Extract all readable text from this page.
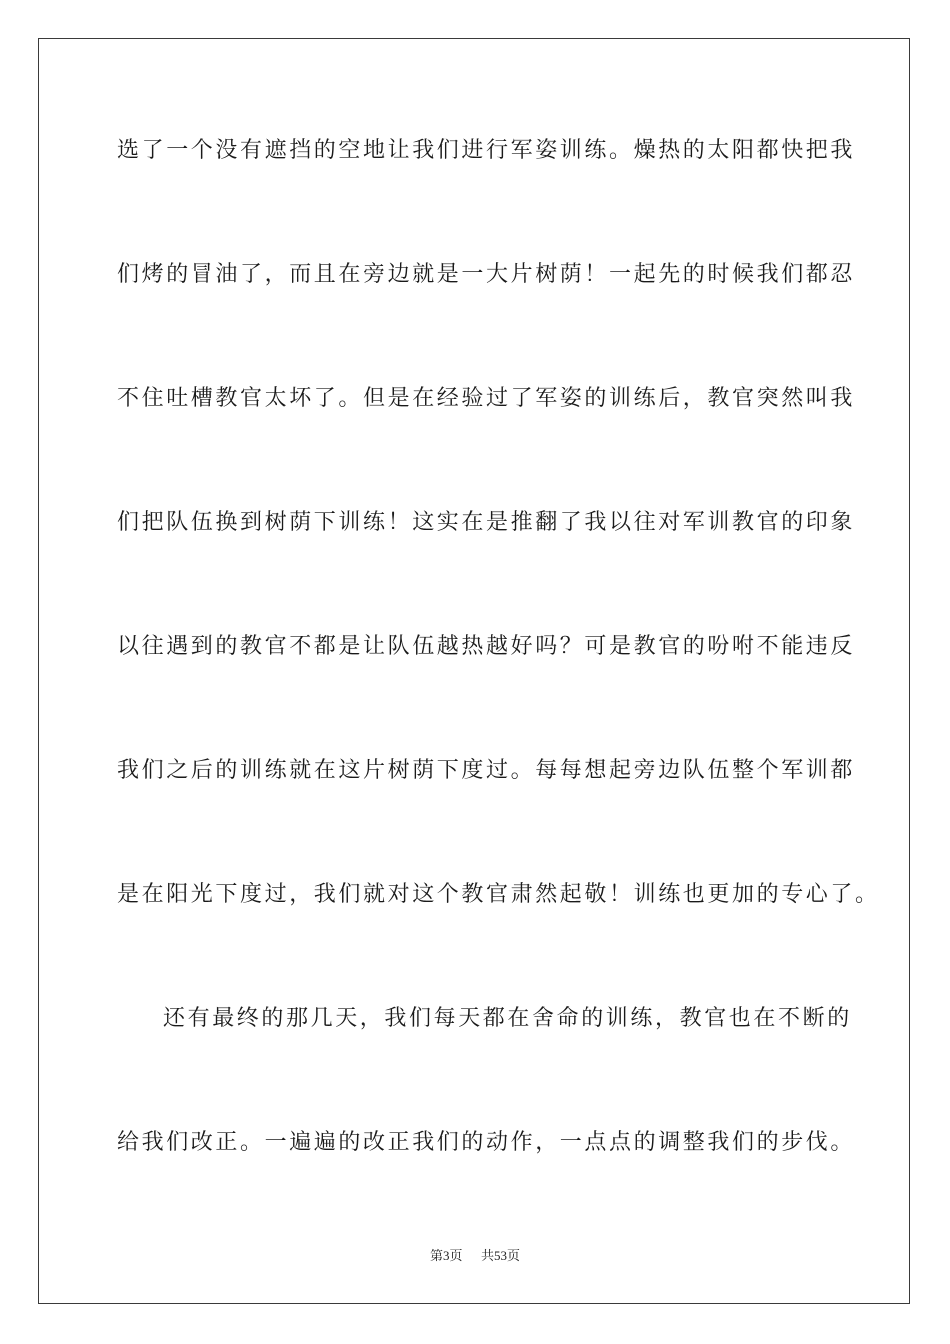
选了一个没有遮挡的空地让我们进行军姿训练。燥热的太阳都快把我
们烤的冒油了，而且在旁边就是一大片树荫！一起先的时候我们都忍
不住吐槽教官太坏了。但是在经验过了军姿的训练后，教官突然叫我
们把队伍换到树荫下训练！这实在是推翻了我以往对军训教官的印象
以往遇到的教官不都是让队伍越热越好吗？可是教官的吩咐不能违反
我们之后的训练就在这片树荫下度过。每每想起旁边队伍整个军训都
是在阳光下度过，我们就对这个教官肃然起敬！训练也更加的专心了。
还有最终的那几天，我们每天都在舍命的训练，教官也在不断的
给我们改正。一遍遍的改正我们的动作，一点点的调整我们的步伐。
第3页 共53页
